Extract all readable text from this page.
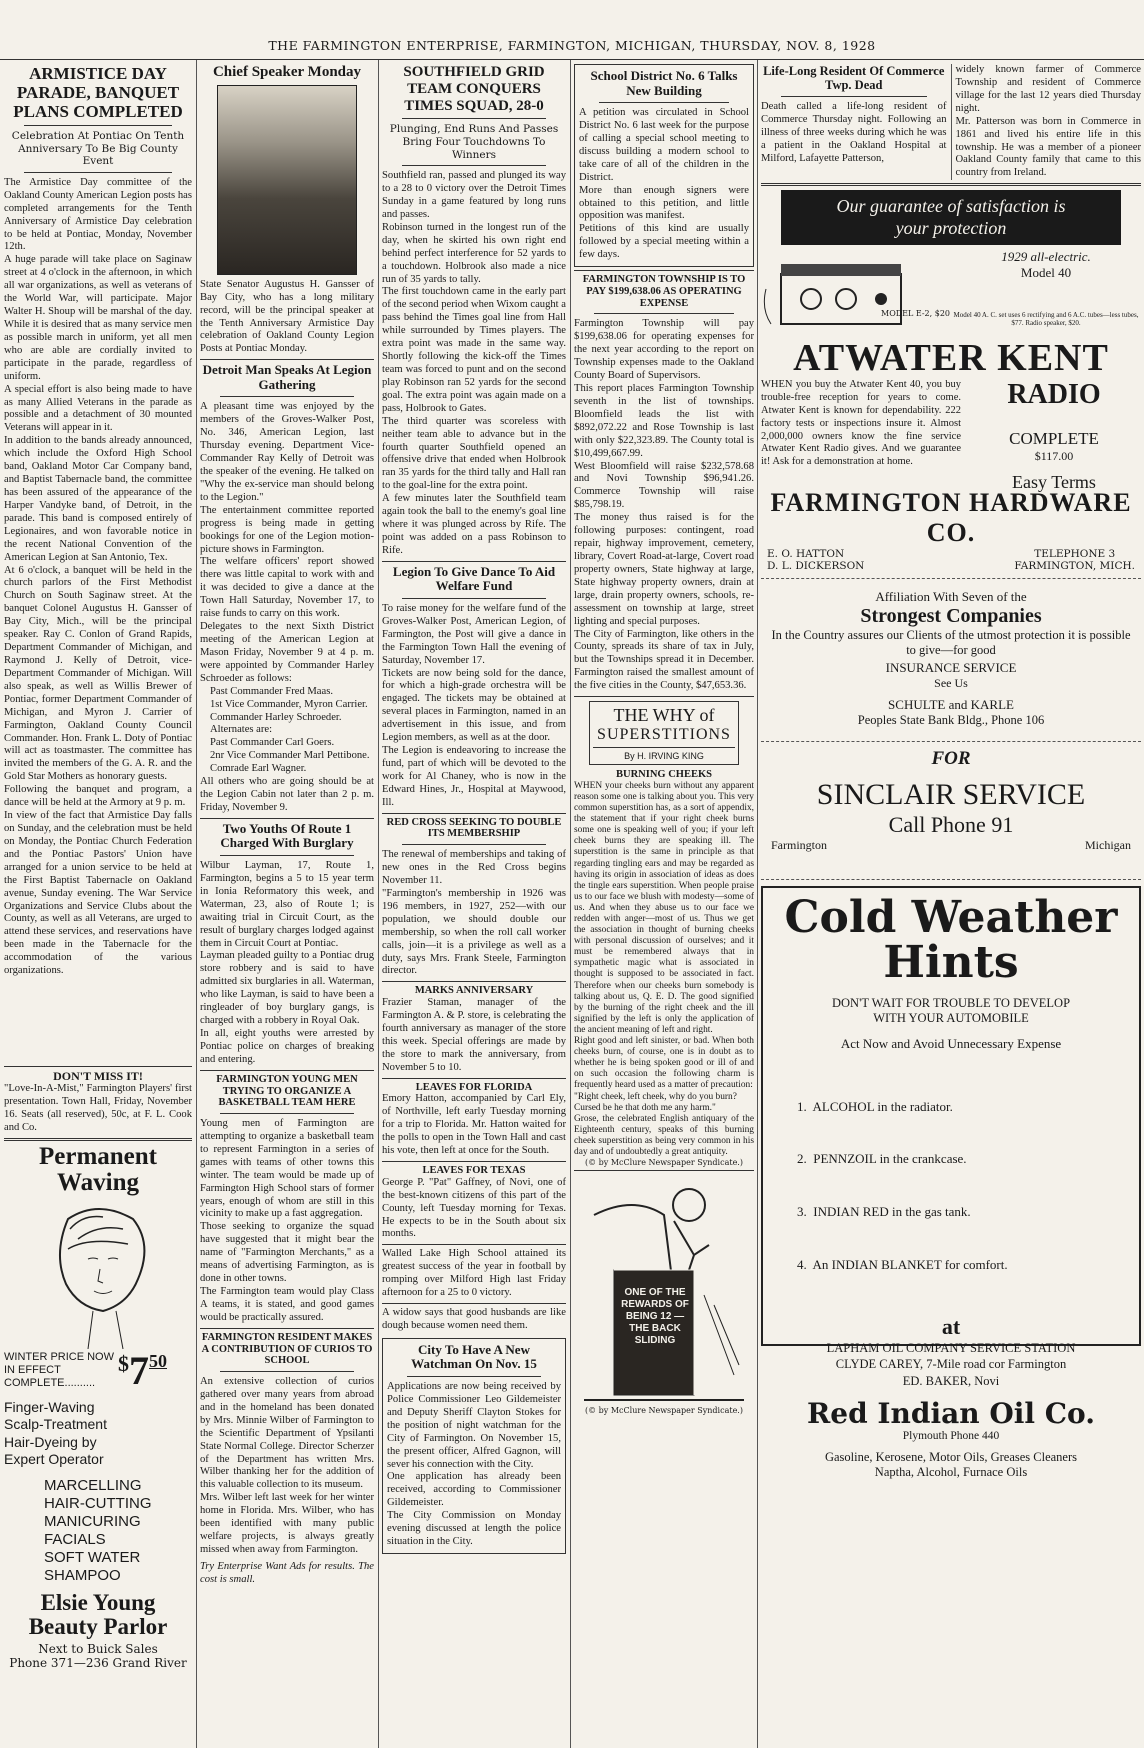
THE FARMINGTON ENTERPRISE, FARMINGTON, MICHIGAN, THURSDAY, NOV. 8, 1928
ARMISTICE DAY PARADE, BANQUET PLANS COMPLETED
Celebration At Pontiac On Tenth Anniversary To Be Big County Event
The Armistice Day committee of the Oakland County American Legion posts has completed arrangements for the Tenth Anniversary of Armistice Day celebration to be held at Pontiac, Monday, November 12th.
A huge parade will take place on Saginaw street at 4 o'clock in the afternoon, in which all war organizations, as well as veterans of the World War, will participate. Major Walter H. Shoup will be marshal of the day. While it is desired that as many service men as possible march in uniform, yet all men who are able are cordially invited to participate in the parade, regardless of uniform.
A special effort is also being made to have as many Allied Veterans in the parade as possible and a detachment of 30 mounted Veterans will appear in it.
In addition to the bands already announced, which include the Oxford High School band, Oakland Motor Car Company band, and Baptist Tabernacle band, the committee has been assured of the appearance of the Harper Vandyke band, of Detroit, in the parade. This band is composed entirely of Legionaires, and won favorable notice in the recent National Convention of the American Legion at San Antonio, Tex.
At 6 o'clock, a banquet will be held in the church parlors of the First Methodist Church on South Saginaw street. At the banquet Colonel Augustus H. Gansser of Bay City, Mich., will be the principal speaker. Ray C. Conlon of Grand Rapids, Department Commander of Michigan, and Raymond J. Kelly of Detroit, vice-Department Commander of Michigan. Will also speak, as well as Willis Brewer of Pontiac, former Department Commander of Michigan, and Myron J. Carrier of Farmington, Oakland County Council Commander. Hon. Frank L. Doty of Pontiac will act as toastmaster. The committee has invited the members of the G. A. R. and the Gold Star Mothers as honorary guests.
Following the banquet and program, a dance will be held at the Armory at 9 p. m.
In view of the fact that Armistice Day falls on Sunday, and the celebration must be held on Monday, the Pontiac Church Federation and the Pontiac Pastors' Union have arranged for a union service to be held at the First Baptist Tabernacle on Oakland avenue, Sunday evening. The War Service Organizations and Service Clubs about the County, as well as all Veterans, are urged to attend these services, and reservations have been made in the Tabernacle for the accommodation of the various organizations.
DON'T MISS IT!
"Love-In-A-Mist," Farmington Players' first presentation. Town Hall, Friday, November 16. Seats (all reserved), 50c, at F. L. Cook and Co.
Permanent
Waving
WINTER PRICE NOW IN EFFECT COMPLETE..........
$ 7 50
Finger-Waving
Scalp-Treatment
Hair-Dyeing by
Expert Operator
MARCELLING
HAIR-CUTTING
MANICURING
FACIALS
SOFT WATER
SHAMPOO
Elsie Young
Beauty Parlor
Next to Buick Sales
Phone 371—236 Grand River
Chief Speaker Monday
State Senator Augustus H. Gansser of Bay City, who has a long military record, will be the principal speaker at the Tenth Anniversary Armistice Day celebration of Oakland County Legion Posts at Pontiac Monday.
Detroit Man Speaks At Legion Gathering
A pleasant time was enjoyed by the members of the Groves-Walker Post, No. 346, American Legion, last Thursday evening. Department Vice-Commander Ray Kelly of Detroit was the speaker of the evening. He talked on "Why the ex-service man should belong to the Legion."
The entertainment committee reported progress is being made in getting bookings for one of the Legion motion-picture shows in Farmington.
The welfare officers' report showed there was little capital to work with and it was decided to give a dance at the Town Hall Saturday, November 17, to raise funds to carry on this work.
Delegates to the next Sixth District meeting of the American Legion at Mason Friday, November 9 at 4 p. m. were appointed by Commander Harley Schroeder as follows:
Past Commander Fred Maas.
1st Vice Commander, Myron Carrier.
Commander Harley Schroeder.
Alternates are:
Past Commander Carl Goers.
2nr Vice Commander Marl Pettibone.
Comrade Earl Wagner.
All others who are going should be at the Legion Cabin not later than 2 p. m. Friday, November 9.
Two Youths Of Route 1 Charged With Burglary
Wilbur Layman, 17, Route 1, Farmington, begins a 5 to 15 year term in Ionia Reformatory this week, and Waterman, 23, also of Route 1; is awaiting trial in Circuit Court, as the result of burglary charges lodged against them in Circuit Court at Pontiac.
Layman pleaded guilty to a Pontiac drug store robbery and is said to have admitted six burglaries in all. Waterman, who like Layman, is said to have been a ringleader of boy burglary gangs, is charged with a robbery in Royal Oak.
In all, eight youths were arrested by Pontiac police on charges of breaking and entering.
FARMINGTON YOUNG MEN TRYING TO ORGANIZE A BASKETBALL TEAM HERE
Young men of Farmington are attempting to organize a basketball team to represent Farmington in a series of games with teams of other towns this winter. The team would be made up of Farmington High School stars of former years, enough of whom are still in this vicinity to make up a fast aggregation.
Those seeking to organize the squad have suggested that it might bear the name of "Farmington Merchants," as a means of advertising Farmington, as is done in other towns.
The Farmington team would play Class A teams, it is stated, and good games would be practically assured.
FARMINGTON RESIDENT MAKES A CONTRIBUTION OF CURIOS TO SCHOOL
An extensive collection of curios gathered over many years from abroad and in the homeland has been donated by Mrs. Minnie Wilber of Farmington to the Scientific Department of Ypsilanti State Normal College. Director Scherzer of the Department has written Mrs. Wilber thanking her for the addition of this valuable collection to its museum.
Mrs. Wilber left last week for her winter home in Florida. Mrs. Wilber, who has been identified with many public welfare projects, is always greatly missed when away from Farmington.
Try Enterprise Want Ads for results. The cost is small.
SOUTHFIELD GRID TEAM CONQUERS TIMES SQUAD, 28-0
Plunging, End Runs And Passes Bring Four Touchdowns To Winners
Southfield ran, passed and plunged its way to a 28 to 0 victory over the Detroit Times Sunday in a game featured by long runs and passes.
Robinson turned in the longest run of the day, when he skirted his own right end behind perfect interference for 52 yards to a touchdown. Holbrook also made a nice run of 35 yards to tally.
The first touchdown came in the early part of the second period when Wixom caught a pass behind the Times goal line from Hall while surrounded by Times players. The extra point was made in the same way. Shortly following the kick-off the Times team was forced to punt and on the second play Robinson ran 52 yards for the second goal. The extra point was again made on a pass, Holbrook to Gates.
The third quarter was scoreless with neither team able to advance but in the fourth quarter Southfield opened an offensive drive that ended when Holbrook ran 35 yards for the third tally and Hall ran to the goal-line for the extra point.
A few minutes later the Southfield team again took the ball to the enemy's goal line where it was plunged across by Rife. The point was added on a pass Robinson to Rife.
Legion To Give Dance To Aid Welfare Fund
To raise money for the welfare fund of the Groves-Walker Post, American Legion, of Farmington, the Post will give a dance in the Farmington Town Hall the evening of Saturday, November 17.
Tickets are now being sold for the dance, for which a high-grade orchestra will be engaged. The tickets may be obtained at several places in Farmington, named in an advertisement in this issue, and from Legion members, as well as at the door.
The Legion is endeavoring to increase the fund, part of which will be devoted to the work for Al Chaney, who is now in the Edward Hines, Jr., Hospital at Maywood, Ill.
RED CROSS SEEKING TO DOUBLE ITS MEMBERSHIP
The renewal of memberships and taking of new ones in the Red Cross begins November 11.
"Farmington's membership in 1926 was 196 members, in 1927, 252—with our population, we should double our membership, so when the roll call worker calls, join—it is a privilege as well as a duty, says Mrs. Frank Steele, Farmington director.
MARKS ANNIVERSARY
Frazier Staman, manager of the Farmington A. & P. store, is celebrating the fourth anniversary as manager of the store this week. Special offerings are made by the store to mark the anniversary, from November 5 to 10.
LEAVES FOR FLORIDA
Emory Hatton, accompanied by Carl Ely, of Northville, left early Tuesday morning for a trip to Florida. Mr. Hatton waited for the polls to open in the Town Hall and cast his vote, then left at once for the South.
LEAVES FOR TEXAS
George P. "Pat" Gaffney, of Novi, one of the best-known citizens of this part of the County, left Tuesday morning for Texas. He expects to be in the South about six months.
Walled Lake High School attained its greatest success of the year in football by romping over Milford High last Friday afternoon for a 25 to 0 victory.
A widow says that good husbands are like dough because women need them.
City To Have A New Watchman On Nov. 15
Applications are now being received by Police Commissioner Leo Gildemeister and Deputy Sheriff Clayton Stokes for the position of night watchman for the City of Farmington. On November 15, the present officer, Alfred Gagnon, will sever his connection with the City.
One application has already been received, according to Commissioner Gildemeister.
The City Commission on Monday evening discussed at length the police situation in the City.
School District No. 6 Talks New Building
A petition was circulated in School District No. 6 last week for the purpose of calling a special school meeting to discuss building a modern school to take care of all of the children in the District.
More than enough signers were obtained to this petition, and little opposition was manifest.
Petitions of this kind are usually followed by a special meeting within a few days.
FARMINGTON TOWNSHIP IS TO PAY $199,638.06 AS OPERATING EXPENSE
Farmington Township will pay $199,638.06 for operating expenses for the next year according to the report on Township expenses made to the Oakland County Board of Supervisors.
This report places Farmington Township seventh in the list of townships. Bloomfield leads the list with $892,072.22 and Rose Township is last with only $22,323.89. The County total is $10,499,667.99.
West Bloomfield will raise $232,578.68 and Novi Township $96,941.26. Commerce Township will raise $85,798.19.
The money thus raised is for the following purposes: contingent, road repair, highway improvement, cemetery, library, Covert Road-at-large, Covert road property owners, State highway at large, State highway property owners, drain at large, drain property owners, schools, re-assessment on township at large, street lighting and special purposes.
The City of Farmington, like others in the County, spreads its share of tax in July, but the Townships spread it in December. Farmington raised the smallest amount of the five cities in the County, $47,653.36.
THE WHY of
SUPERSTITIONS
By H. IRVING KING
BURNING CHEEKS
WHEN your cheeks burn without any apparent reason some one is talking about you. This very common superstition has, as a sort of appendix, the statement that if your right cheek burns some one is speaking well of you; if your left cheek burns they are speaking ill. The superstition is the same in principle as that regarding tingling ears and may be regarded as having its origin in association of ideas as does the tingle ears superstition. When people praise us to our face we blush with modesty—some of us. And when they abuse us to our face we redden with anger—most of us. Thus we get the association in thought of burning cheeks with personal discussion of ourselves; and it must be remembered always that in sympathetic magic what is associated in thought is supposed to be associated in fact. Therefore when our cheeks burn somebody is talking about us, Q. E. D. The good signified by the burning of the right cheek and the ill signified by the left is only the application of the ancient meaning of left and right.
Right good and left sinister, or bad. When both cheeks burn, of course, one is in doubt as to whether he is being spoken good or ill of and on such occasion the following charm is frequently heard used as a matter of precaution:
"Right cheek, left cheek, why do you burn?
Cursed be he that doth me any harm."
Grose, the celebrated English antiquary of the Eighteenth century, speaks of this burning cheek superstition as being very common in his day and of undoubtedly a great antiquity.
(© by McClure Newspaper Syndicate.)
ONE OF THE REWARDS OF BEING 12 — THE BACK SLIDING
(© by McClure Newspaper Syndicate.)
Life-Long Resident Of Commerce Twp. Dead
Death called a life-long resident of Commerce Thursday night. Following an illness of three weeks during which he was a patient in the Oakland Hospital at Milford, Lafayette Patterson,
widely known farmer of Commerce Township and resident of Commerce village for the last 12 years died Thursday night.
Mr. Patterson was born in Commerce in 1861 and lived his entire life in this township. He was a member of a pioneer Oakland County family that came to this country from Ireland.
Our guarantee of satisfaction is your protection
MODEL E-2, $20
1929 all-electric.
Model 40
Model 40 A. C. set uses 6 rectifying and 6 A.C. tubes—less tubes, $77. Radio speaker, $20.
ATWATER KENT
WHEN you buy the Atwater Kent 40, you buy trouble-free reception for years to come. Atwater Kent is known for dependability. 222 factory tests or inspections insure it. Almost 2,000,000 owners know the fine service Atwater Kent Radio gives. And we guarantee it! Ask for a demonstration at home.
RADIO
COMPLETE
$117.00
Easy Terms
FARMINGTON HARDWARE CO.
E. O. HATTON
D. L. DICKERSON
TELEPHONE 3
FARMINGTON, MICH.
Affiliation With Seven of the
Strongest Companies
In the Country assures our Clients of the utmost protection it is possible to give—for good
INSURANCE SERVICE
See Us
SCHULTE and KARLE
Peoples State Bank Bldg., Phone 106
FOR
SINCLAIR SERVICE
Call Phone 91
Farmington	Michigan
Cold Weather
Hints
DON'T WAIT FOR TROUBLE TO DEVELOP
WITH YOUR AUTOMOBILE
Act Now and Avoid Unnecessary Expense

1.  ALCOHOL in the radiator.

2.  PENNZOIL in the crankcase.

3.  INDIAN RED in the gas tank.

4.  An INDIAN BLANKET for comfort.

at
LAPHAM OIL COMPANY SERVICE STATION
CLYDE CAREY, 7-Mile road cor Farmington
ED. BAKER, Novi
Red Indian Oil Co.
Plymouth Phone 440
Gasoline, Kerosene, Motor Oils, Greases Cleaners
Naptha, Alcohol, Furnace Oils
